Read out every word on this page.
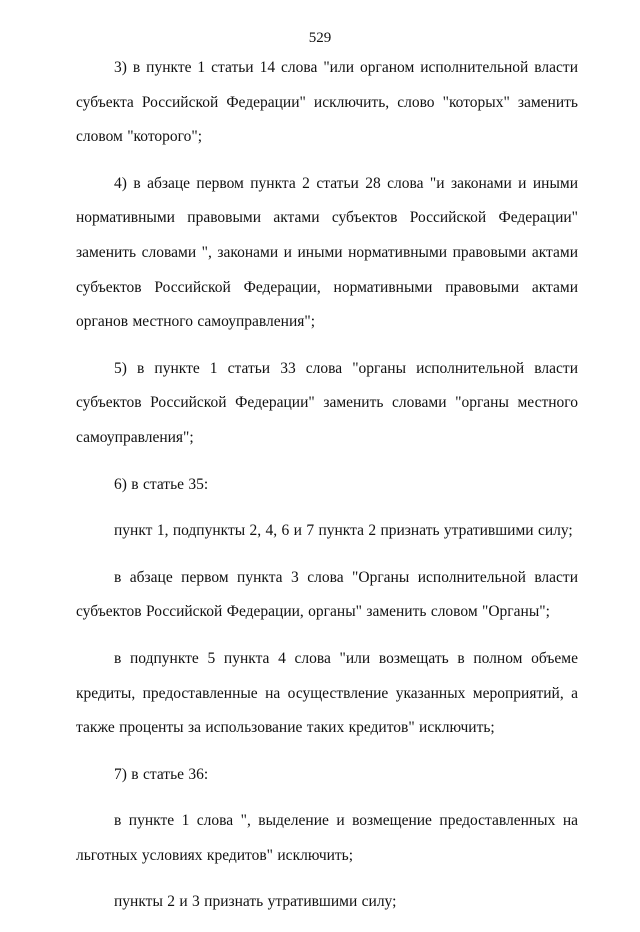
529

3) в пункте 1 статьи 14 слова "или органом исполнительной власти субъекта Российской Федерации" исключить, слово "которых" заменить словом "которого";

4) в абзаце первом пункта 2 статьи 28 слова "и законами и иными нормативными правовыми актами субъектов Российской Федерации" заменить словами ", законами и иными нормативными правовыми актами субъектов Российской Федерации, нормативными правовыми актами органов местного самоуправления";

5) в пункте 1 статьи 33 слова "органы исполнительной власти субъектов Российской Федерации" заменить словами "органы местного самоуправления";

6) в статье 35:

пункт 1, подпункты 2, 4, 6 и 7 пункта 2 признать утратившими силу;

в абзаце первом пункта 3 слова "Органы исполнительной власти субъектов Российской Федерации, органы" заменить словом "Органы";

в подпункте 5 пункта 4 слова "или возмещать в полном объеме кредиты, предоставленные на осуществление указанных мероприятий, а также проценты за использование таких кредитов" исключить;

7) в статье 36:

в пункте 1 слова ", выделение и возмещение предоставленных на льготных условиях кредитов" исключить;

пункты 2 и 3 признать утратившими силу;
